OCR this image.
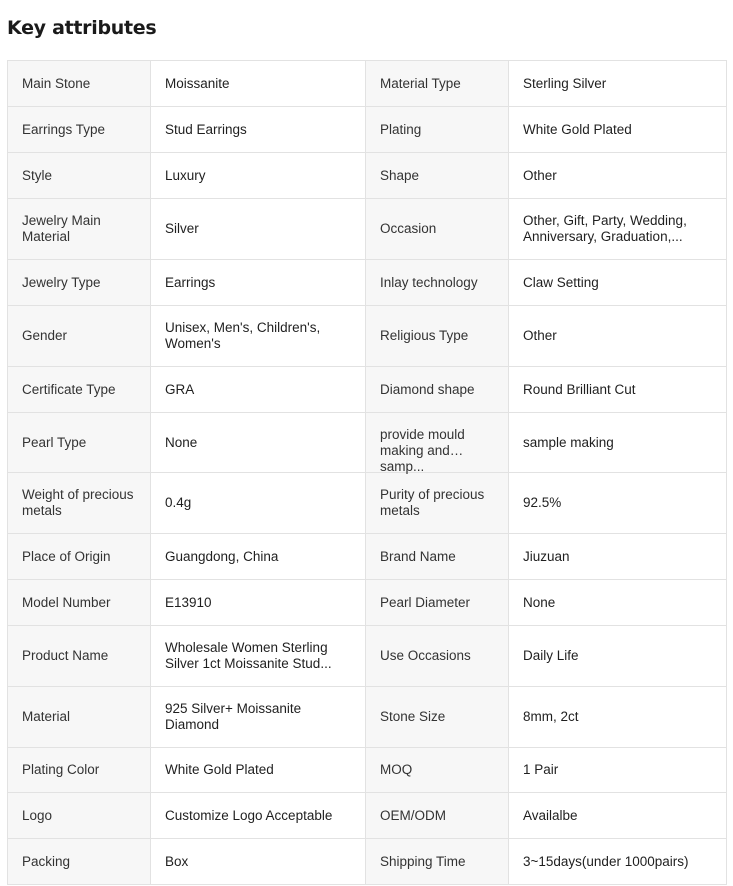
Key attributes
Main Stone	Moissanite	Material Type	Sterling Silver

Earrings Type	Stud Earrings	Plating	White Gold Plated

Style	Luxury	Shape	Other

Jewelry Main Material	Silver	Occasion	Other, Gift, Party, Wedding, Anniversary, Graduation,...

Jewelry Type	Earrings	Inlay technology	Claw Setting

Gender	Unisex, Men's, Children's, Women's	Religious Type	Other

Certificate Type	GRA	Diamond shape	Round Brilliant Cut

Pearl Type	None	provide mould making and samp...	sample making

Weight of precious metals	0.4g	Purity of precious metals	92.5%

Place of Origin	Guangdong, China	Brand Name	Jiuzuan

Model Number	E13910	Pearl Diameter	None

Product Name	Wholesale Women Sterling Silver 1ct Moissanite Stud...	Use Occasions	Daily Life

Material	925 Silver+ Moissanite Diamond	Stone Size	8mm, 2ct

Plating Color	White Gold Plated	MOQ	1 Pair

Logo	Customize Logo Acceptable	OEM/ODM	Availalbe

Packing	Box	Shipping Time	3~15days(under 1000pairs)
